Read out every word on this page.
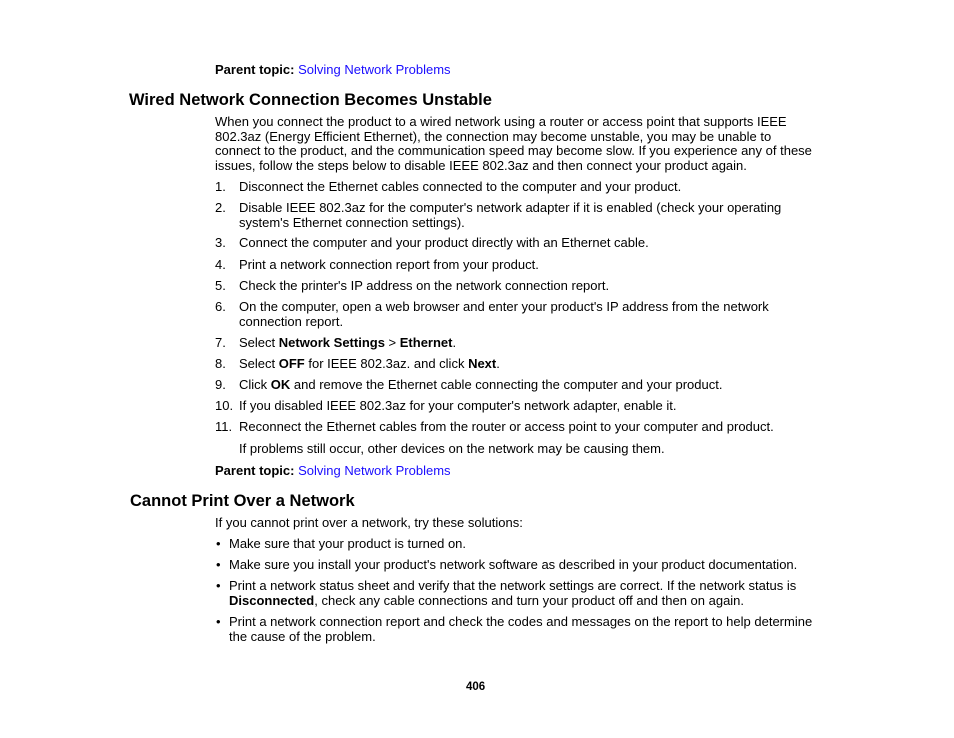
Parent topic: Solving Network Problems
Wired Network Connection Becomes Unstable
When you connect the product to a wired network using a router or access point that supports IEEE
802.3az (Energy Efficient Ethernet), the connection may become unstable, you may be unable to
connect to the product, and the communication speed may become slow. If you experience any of these
issues, follow the steps below to disable IEEE 802.3az and then connect your product again.
1. Disconnect the Ethernet cables connected to the computer and your product.
2. Disable IEEE 802.3az for the computer's network adapter if it is enabled (check your operating
system's Ethernet connection settings).
3. Connect the computer and your product directly with an Ethernet cable.
4. Print a network connection report from your product.
5. Check the printer's IP address on the network connection report.
6. On the computer, open a web browser and enter your product's IP address from the network
connection report.
7. Select Network Settings > Ethernet.
8. Select OFF for IEEE 802.3az. and click Next.
9. Click OK and remove the Ethernet cable connecting the computer and your product.
10. If you disabled IEEE 802.3az for your computer's network adapter, enable it.
11. Reconnect the Ethernet cables from the router or access point to your computer and product.
If problems still occur, other devices on the network may be causing them.
Parent topic: Solving Network Problems
Cannot Print Over a Network
If you cannot print over a network, try these solutions:
• Make sure that your product is turned on.
• Make sure you install your product's network software as described in your product documentation.
• Print a network status sheet and verify that the network settings are correct. If the network status is
Disconnected, check any cable connections and turn your product off and then on again.
• Print a network connection report and check the codes and messages on the report to help determine
the cause of the problem.
406
